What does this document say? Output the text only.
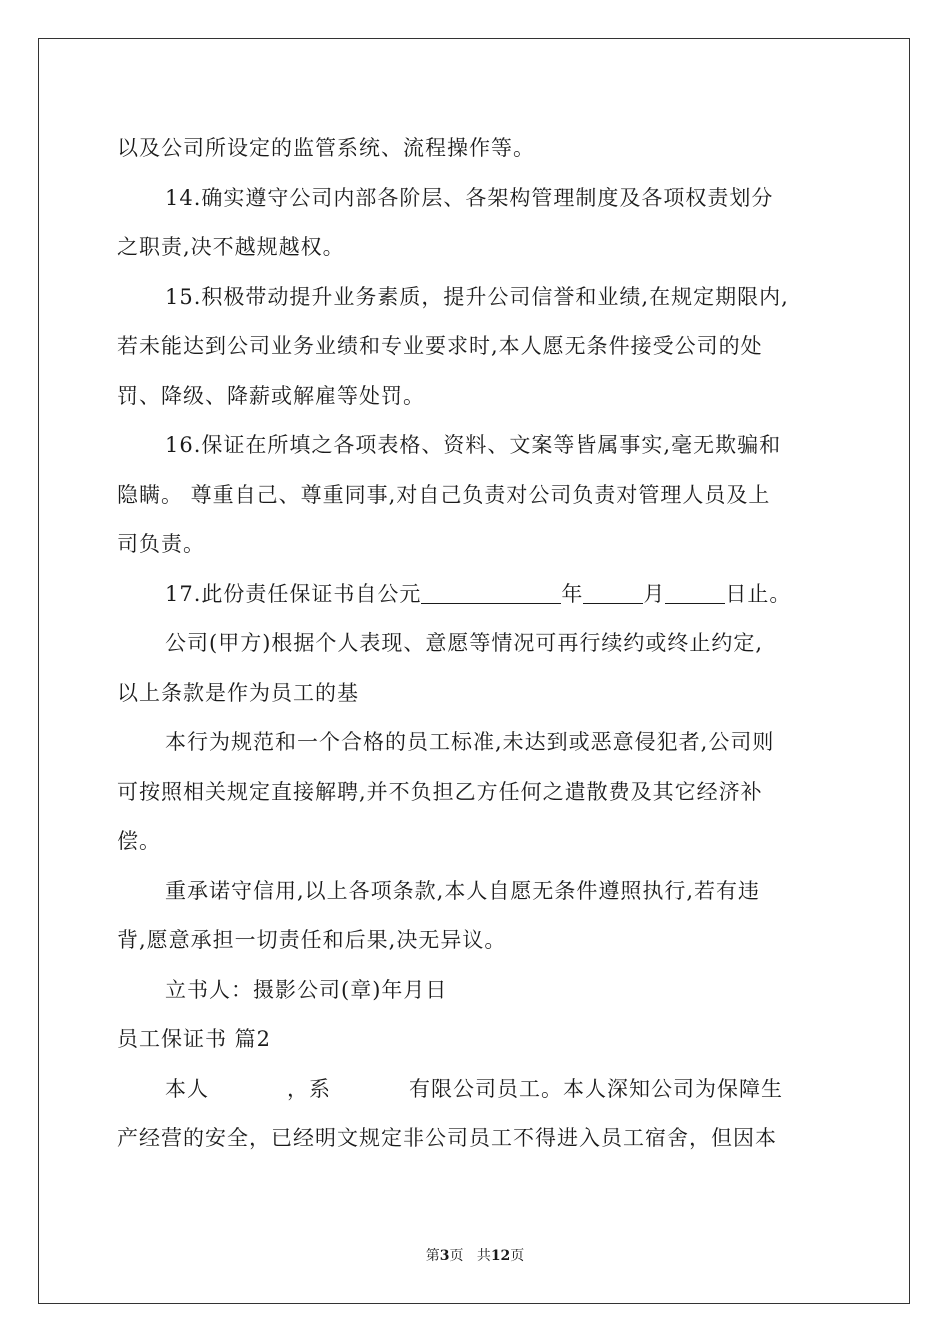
以及公司所设定的监管系统、流程操作等。
14.确实遵守公司内部各阶层、各架构管理制度及各项权责划分
之职责,决不越规越权。
15.积极带动提升业务素质，提升公司信誉和业绩,在规定期限内,
若未能达到公司业务业绩和专业要求时,本人愿无条件接受公司的处
罚、降级、降薪或解雇等处罚。
16.保证在所填之各项表格、资料、文案等皆属事实,毫无欺骗和
隐瞒。 尊重自己、尊重同事,对自己负责对公司负责对管理人员及上
司负责。
17.此份责任保证书自公元	年	月	日止。
公司(甲方)根据个人表现、意愿等情况可再行续约或终止约定,
以上条款是作为员工的基
本行为规范和一个合格的员工标准,未达到或恶意侵犯者,公司则
可按照相关规定直接解聘,并不负担乙方任何之遣散费及其它经济补
偿。
重承诺守信用,以上各项条款,本人自愿无条件遵照执行,若有违
背,愿意承担一切责任和后果,决无异议。
立书人：摄影公司(章)年月日
员工保证书 篇2
本人	，系	有限公司员工。本人深知公司为保障生
产经营的安全，已经明文规定非公司员工不得进入员工宿舍，但因本
第3页 共12页
